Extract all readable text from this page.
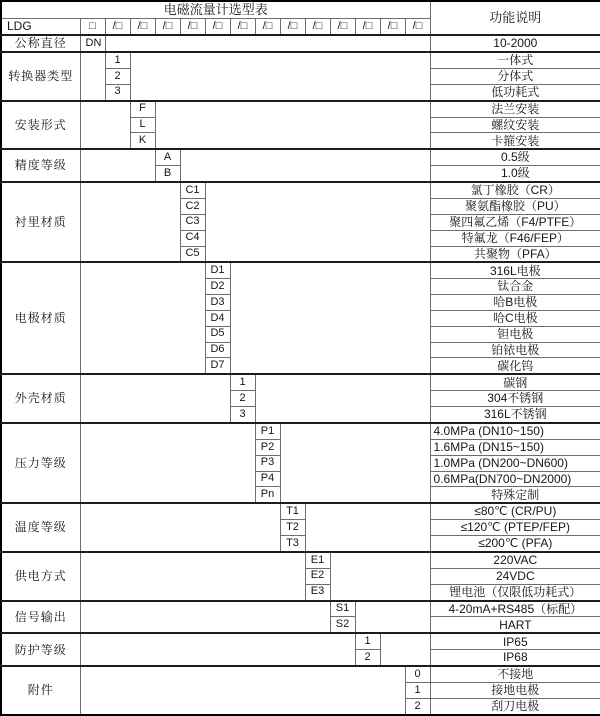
电磁流量计选型表															功能说明
LDG	□	/□	/□	/□	/□	/□	/□	/□	/□	/□	/□	/□	/□	/□	
公称直径	DN														10-2000
转换器类型		1													一体式
		2													分体式
		3													低功耗式
安装形式			F												法兰安装
			L												螺纹安装
			K												卡箍安装
精度等级				A											0.5级
				B											1.0级
衬里材质					C1										氯丁橡胶（CR）
					C2										聚氨酯橡胶（PU）
					C3										聚四氟乙烯（F4/PTFE）
					C4										特氟龙（F46/FEP）
					C5										共聚物（PFA）
电极材质						D1									316L电极
						D2									钛合金
						D3									哈B电极
						D4									哈C电极
						D5									钽电极
						D6									铂铱电极
						D7									碳化钨
外壳材质							1								碳钢
							2								304不锈钢
							3								316L不锈钢
压力等级								P1							4.0MPa (DN10~150)
								P2							1.6MPa (DN15~150)
								P3							1.0MPa (DN200~DN600)
								P4							0.6MPa(DN700~DN2000)
								Pn							特殊定制
温度等级									T1						≤80℃ (CR/PU)
									T2						≤120℃ (PTEP/FEP)
									T3						≤200℃ (PFA)
供电方式										E1					220VAC
										E2					24VDC
										E3					锂电池（仅限低功耗式）
信号输出											S1				4-20mA+RS485（标配）
											S2				HART
防护等级												1			IP65
												2			IP68
附件														0	不接地
														1	接地电极
														2	刮刀电极
